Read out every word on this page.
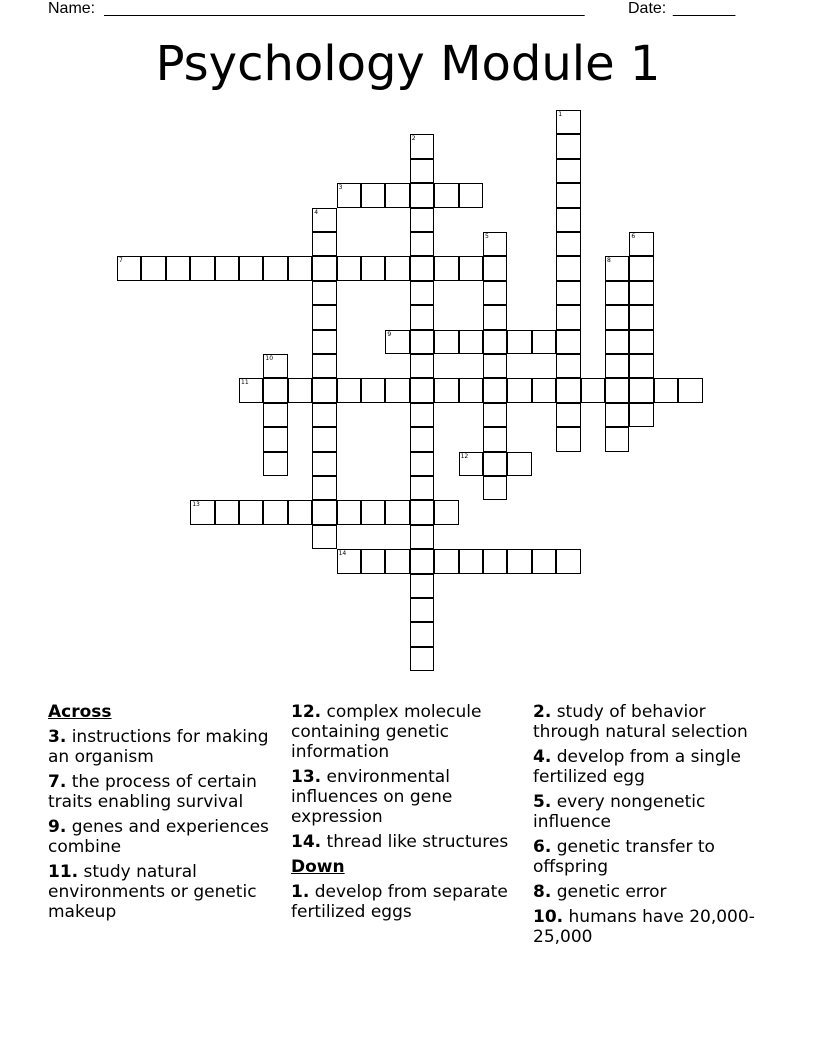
Name: ______________________________________________________	Date: _______
Psychology Module 1
1
2
3
4
5	6
7	8
9
10
11
12
13
14
Across
3. instructions for making an organism
7. the process of certain traits enabling survival
9. genes and experiences combine
11. study natural environments or genetic makeup
12. complex molecule containing genetic information
13. environmental influences on gene expression
14. thread like structures
Down
1. develop from separate fertilized eggs
2. study of behavior through natural selection
4. develop from a single fertilized egg
5. every nongenetic influence
6. genetic transfer to offspring
8. genetic error
10. humans have 20,000-25,000
